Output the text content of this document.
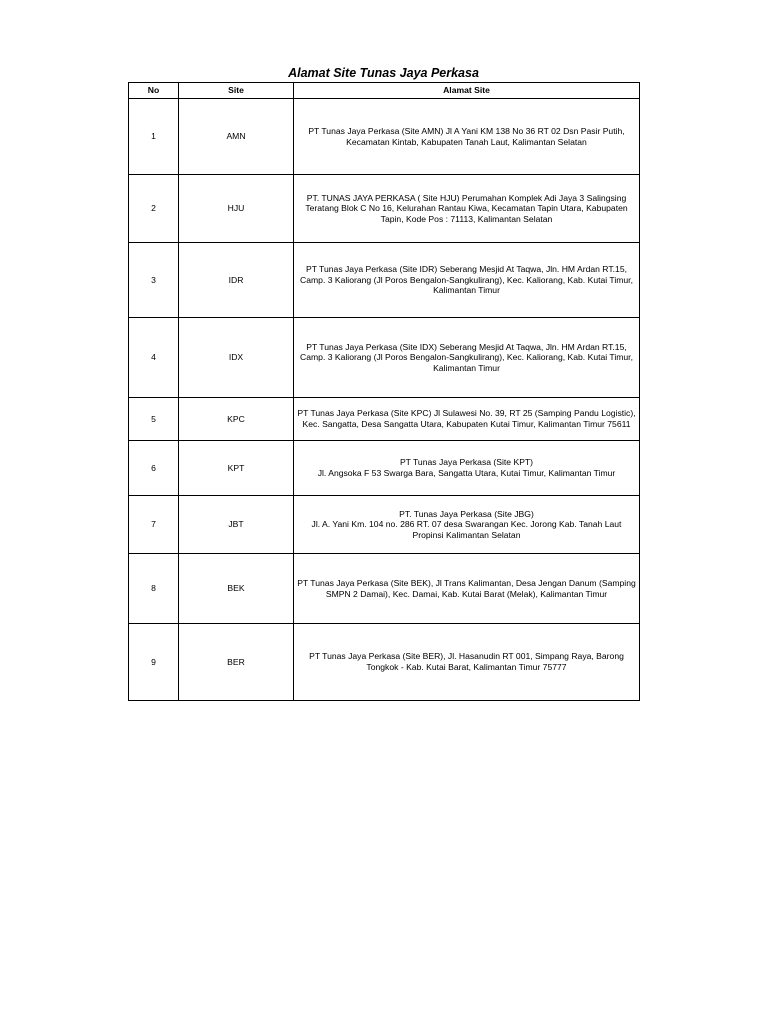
Alamat Site Tunas Jaya Perkasa
No	Site	Alamat Site
1	AMN	PT Tunas Jaya Perkasa (Site AMN) Jl A Yani KM 138 No 36 RT 02 Dsn Pasir Putih, Kecamatan Kintab, Kabupaten Tanah Laut, Kalimantan Selatan

2	HJU	PT. TUNAS JAYA PERKASA ( Site HJU) Perumahan Komplek Adi Jaya 3 Salingsing Teratang Blok C No 16, Kelurahan Rantau Kiwa, Kecamatan Tapin Utara, Kabupaten Tapin, Kode Pos : 71113, Kalimantan Selatan

3	IDR	PT Tunas Jaya Perkasa (Site IDR) Seberang Mesjid At Taqwa, Jln. HM Ardan RT.15, Camp. 3 Kaliorang (Jl Poros Bengalon-Sangkulirang), Kec. Kaliorang, Kab. Kutai Timur, Kalimantan Timur

4	IDX	PT Tunas Jaya Perkasa (Site IDX) Seberang Mesjid At Taqwa, Jln. HM Ardan RT.15, Camp. 3 Kaliorang (Jl Poros Bengalon-Sangkulirang), Kec. Kaliorang, Kab. Kutai Timur, Kalimantan Timur

5	KPC	PT Tunas Jaya Perkasa (Site KPC) Jl Sulawesi No. 39, RT 25 (Samping Pandu Logistic), Kec. Sangatta, Desa Sangatta Utara, Kabupaten Kutai Timur, Kalimantan Timur 75611

6	KPT	PT Tunas Jaya Perkasa (Site KPT)
Jl. Angsoka F 53 Swarga Bara, Sangatta Utara, Kutai Timur, Kalimantan Timur

7	JBT	PT. Tunas Jaya Perkasa (Site JBG)
Jl. A. Yani Km. 104 no. 286 RT. 07 desa Swarangan Kec. Jorong Kab. Tanah Laut
Propinsi Kalimantan Selatan

8	BEK	PT Tunas Jaya Perkasa (Site BEK), Jl Trans Kalimantan, Desa Jengan Danum (Samping SMPN 2 Damai), Kec. Damai, Kab. Kutai Barat (Melak), Kalimantan Timur

9	BER	PT Tunas Jaya Perkasa (Site BER), Jl. Hasanudin RT 001, Simpang Raya, Barong Tongkok - Kab. Kutai Barat, Kalimantan Timur 75777
